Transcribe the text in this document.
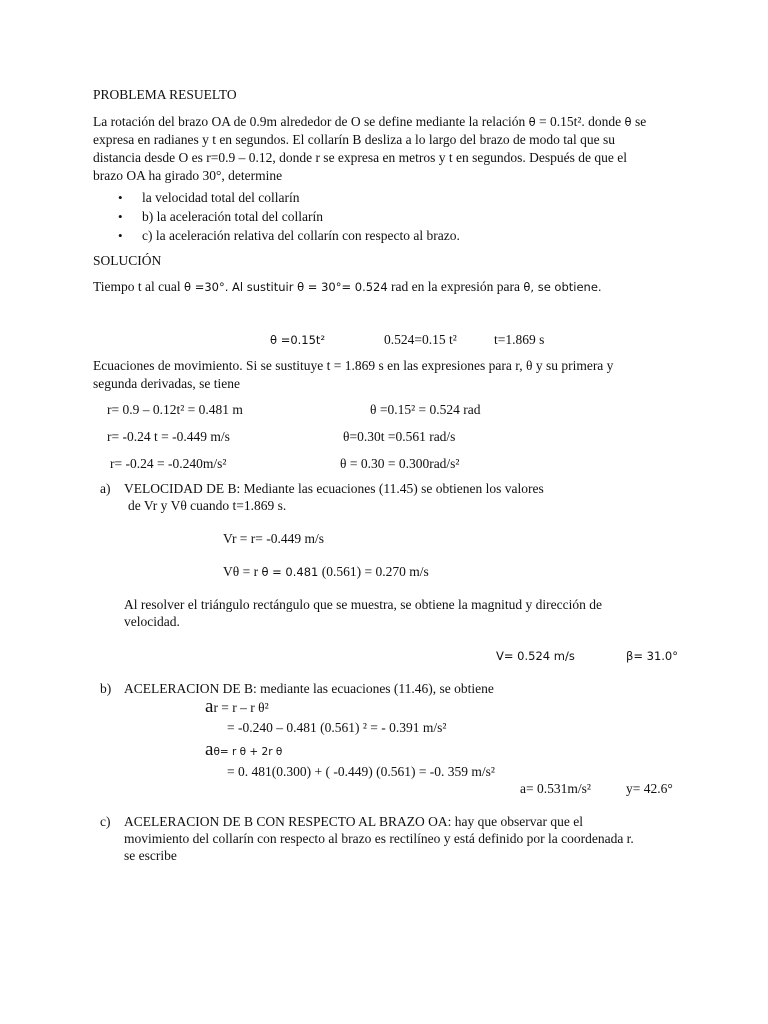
PROBLEMA RESUELTO
La rotación del brazo OA de 0.9m alrededor de O se define mediante la relación θ = 0.15t². donde θ se
expresa en radianes y t en segundos. El collarín B desliza a lo largo del brazo de modo tal que su
distancia desde O es r=0.9 – 0.12, donde r se expresa en metros y t en segundos. Después de que el
brazo OA ha girado 30°, determine
• la velocidad total del collarín
• b) la aceleración total del collarín
• c) la aceleración relativa del collarín con respecto al brazo.
SOLUCIÓN
Tiempo t al cual θ =30°. Al sustituir θ = 30°= 0.524 rad en la expresión para θ, se obtiene.
θ =0.15t²	0.524=0.15 t²	t=1.869 s
Ecuaciones de movimiento. Si se sustituye t = 1.869 s en las expresiones para r, θ y su primera y
segunda derivadas, se tiene
r= 0.9 – 0.12t² = 0.481 m	θ =0.15² = 0.524 rad
r= -0.24 t = -0.449 m/s	θ=0.30t =0.561 rad/s
r= -0.24 = -0.240m/s²	θ = 0.30 = 0.300rad/s²
a) VELOCIDAD DE B: Mediante las ecuaciones (11.45) se obtienen los valores
de Vr y Vθ cuando t=1.869 s.
Vr = r= -0.449 m/s
Vθ = r θ = 0.481 (0.561) = 0.270 m/s
Al resolver el triángulo rectángulo que se muestra, se obtiene la magnitud y dirección de
velocidad.
V= 0.524 m/s	β= 31.0°
b) ACELERACION DE B: mediante las ecuaciones (11.46), se obtiene
ar = r – r θ²
= -0.240 – 0.481 (0.561) ² = - 0.391 m/s²
aθ= r θ + 2r θ
= 0. 481(0.300) + ( -0.449) (0.561) = -0. 359 m/s²
a= 0.531m/s²	y= 42.6°
c) ACELERACION DE B CON RESPECTO AL BRAZO OA: hay que observar que el
movimiento del collarín con respecto al brazo es rectilíneo y está definido por la coordenada r.
se escribe
